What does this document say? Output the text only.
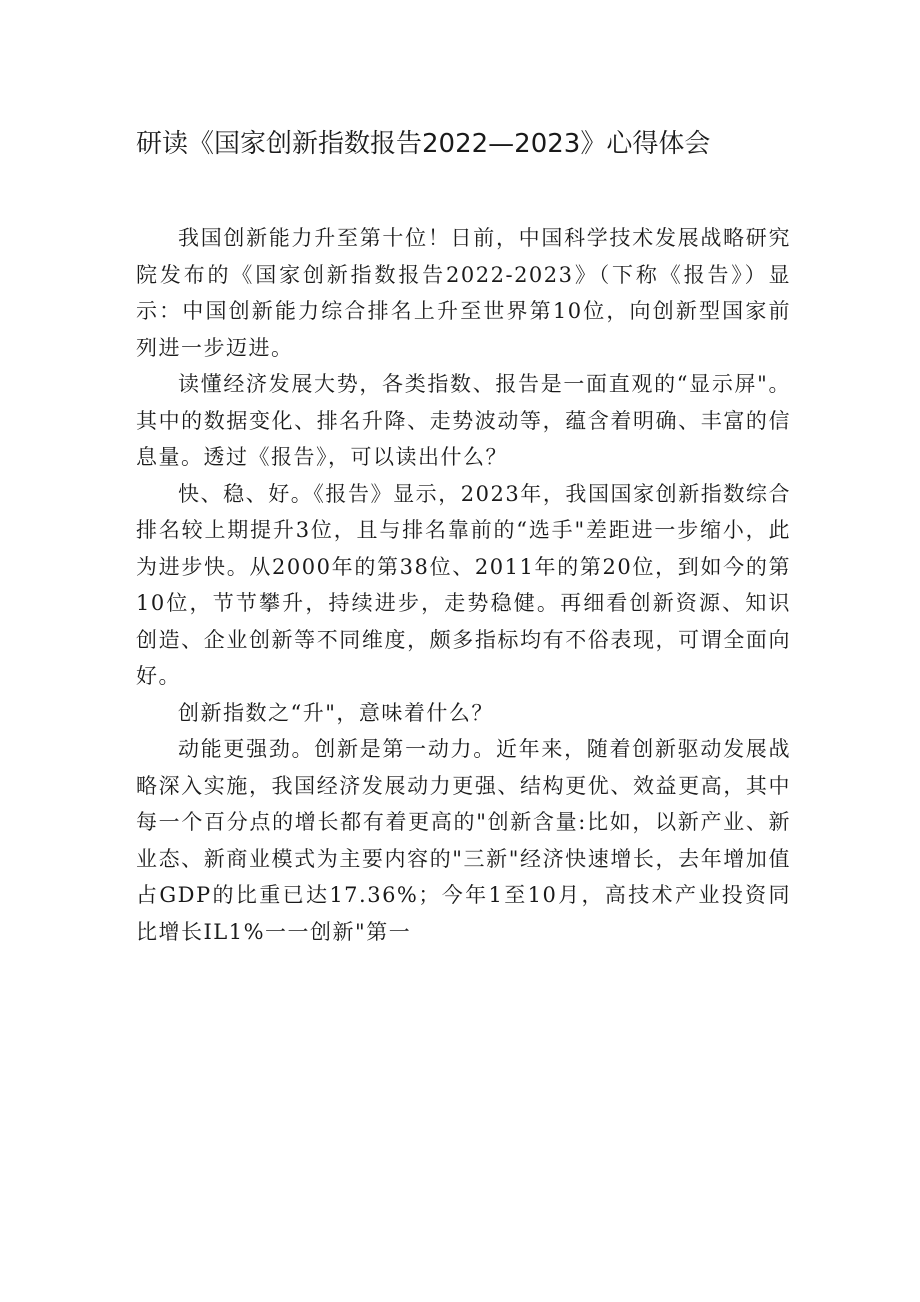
研读《国家创新指数报告2022—2023》心得体会

我国创新能力升至第十位！日前，中国科学技术发展战略研究院发布的《国家创新指数报告2022-2023》（下称《报告》）显示：中国创新能力综合排名上升至世界第10位，向创新型国家前列进一步迈进。

读懂经济发展大势，各类指数、报告是一面直观的“显示屏"。其中的数据变化、排名升降、走势波动等，蕴含着明确、丰富的信息量。透过《报告》，可以读出什么？

快、稳、好。《报告》显示，2023年，我国国家创新指数综合排名较上期提升3位，且与排名靠前的“选手"差距进一步缩小，此为进步快。从2000年的第38位、2011年的第20位，到如今的第10位，节节攀升，持续进步，走势稳健。再细看创新资源、知识创造、企业创新等不同维度，颇多指标均有不俗表现，可谓全面向好。

创新指数之“升"，意味着什么？

动能更强劲。创新是第一动力。近年来，随着创新驱动发展战略深入实施，我国经济发展动力更强、结构更优、效益更高，其中每一个百分点的增长都有着更高的"创新含量:比如，以新产业、新业态、新商业模式为主要内容的"三新"经济快速增长，去年增加值占GDP的比重已达17.36%；今年1至10月，高技术产业投资同比增长IL1%一一创新"第一
